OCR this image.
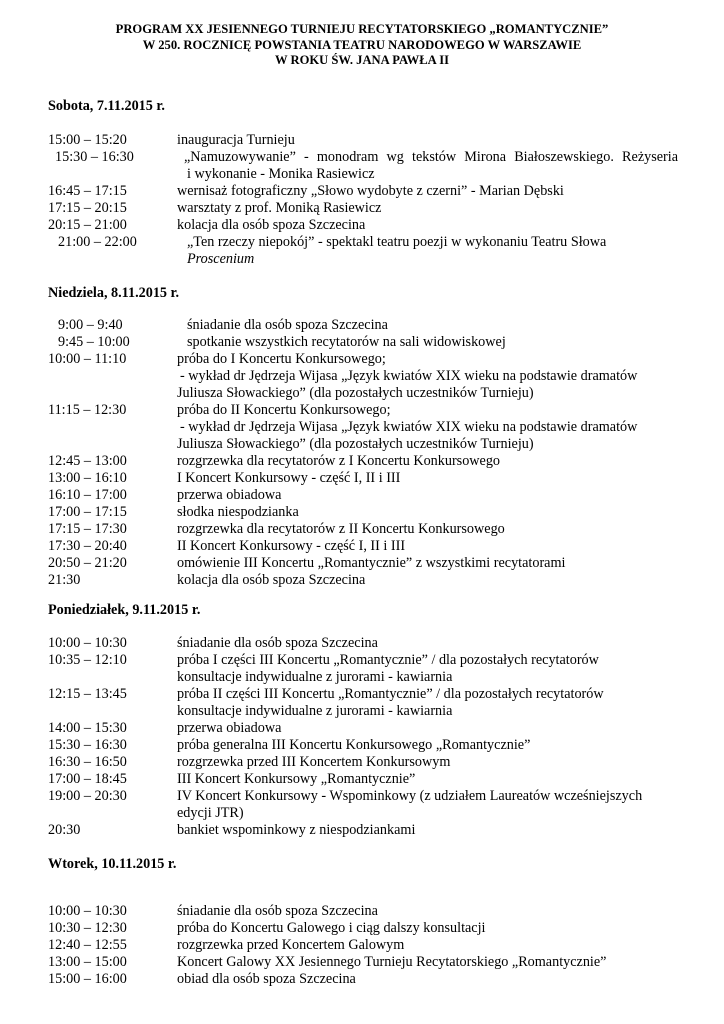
PROGRAM XX JESIENNEGO TURNIEJU RECYTATORSKIEGO „ROMANTYCZNIE”
W 250. ROCZNICĘ POWSTANIA TEATRU NARODOWEGO W WARSZAWIE
W ROKU ŚW. JANA PAWŁA II
Sobota, 7.11.2015 r.
15:00 – 15:20	inauguracja Turnieju
15:30 – 16:30	„Namuzowywanie” - monodram wg tekstów Mirona Białoszewskiego. Reżyseria
i wykonanie - Monika Rasiewicz
16:45 – 17:15	wernisaż fotograficzny „Słowo wydobyte z czerni” - Marian Dębski
17:15 – 20:15	warsztaty z prof. Moniką Rasiewicz
20:15 – 21:00	kolacja dla osób spoza Szczecina
21:00 – 22:00	„Ten rzeczy niepokój” - spektakl teatru poezji w wykonaniu Teatru Słowa
Proscenium
Niedziela, 8.11.2015 r.
9:00 – 9:40	śniadanie dla osób spoza Szczecina
9:45 – 10:00	spotkanie wszystkich recytatorów na sali widowiskowej
10:00 – 11:10	próba do I Koncertu Konkursowego;
- wykład dr Jędrzeja Wijasa „Język kwiatów XIX wieku na podstawie dramatów
Juliusza Słowackiego” (dla pozostałych uczestników Turnieju)
11:15 – 12:30	próba do II Koncertu Konkursowego;
- wykład dr Jędrzeja Wijasa „Język kwiatów XIX wieku na podstawie dramatów
Juliusza Słowackiego” (dla pozostałych uczestników Turnieju)
12:45 – 13:00	rozgrzewka dla recytatorów z I Koncertu Konkursowego
13:00 – 16:10	I Koncert Konkursowy - część I, II i III
16:10 – 17:00	przerwa obiadowa
17:00 – 17:15	słodka niespodzianka
17:15 – 17:30	rozgrzewka dla recytatorów z II Koncertu Konkursowego
17:30 – 20:40	II Koncert Konkursowy - część I, II i III
20:50 – 21:20	omówienie III Koncertu „Romantycznie” z wszystkimi recytatorami
21:30	kolacja dla osób spoza Szczecina
Poniedziałek, 9.11.2015 r.
10:00 – 10:30	śniadanie dla osób spoza Szczecina
10:35 – 12:10	próba I części III Koncertu „Romantycznie” / dla pozostałych recytatorów
konsultacje indywidualne z jurorami - kawiarnia
12:15 – 13:45	próba II części III Koncertu „Romantycznie” / dla pozostałych recytatorów
konsultacje indywidualne z jurorami - kawiarnia
14:00 – 15:30	przerwa obiadowa
15:30 – 16:30	próba generalna III Koncertu Konkursowego „Romantycznie”
16:30 – 16:50	rozgrzewka przed III Koncertem Konkursowym
17:00 – 18:45	III Koncert Konkursowy „Romantycznie”
19:00 – 20:30	IV Koncert Konkursowy - Wspominkowy (z udziałem Laureatów wcześniejszych
edycji JTR)
20:30	bankiet wspominkowy z niespodziankami
Wtorek, 10.11.2015 r.
10:00 – 10:30	śniadanie dla osób spoza Szczecina
10:30 – 12:30	próba do Koncertu Galowego i ciąg dalszy konsultacji
12:40 – 12:55	rozgrzewka przed Koncertem Galowym
13:00 – 15:00	Koncert Galowy XX Jesiennego Turnieju Recytatorskiego „Romantycznie”
15:00 – 16:00	obiad dla osób spoza Szczecina
